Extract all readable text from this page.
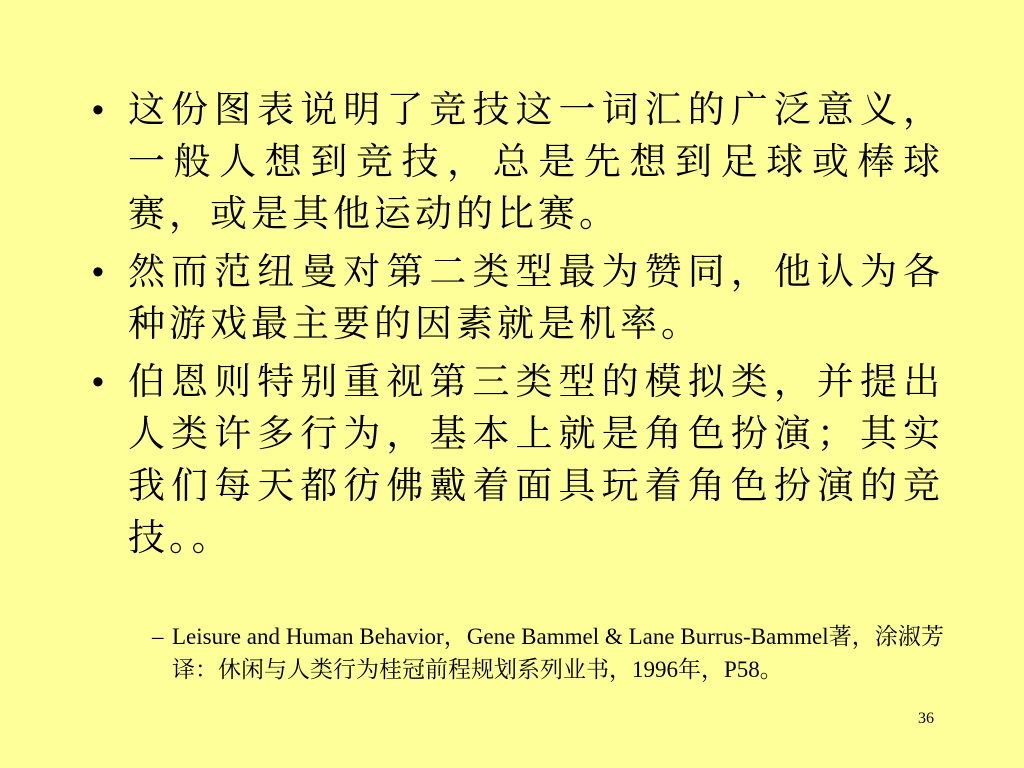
• 这份图表说明了竞技这一词汇的广泛意义，一般人想到竞技，总是先想到足球或棒球赛，或是其他运动的比赛。
• 然而范纽曼对第二类型最为赞同，他认为各种游戏最主要的因素就是机率。
• 伯恩则特别重视第三类型的模拟类，并提出人类许多行为，基本上就是角色扮演；其实我们每天都彷佛戴着面具玩着角色扮演的竞技。。
– Leisure and Human Behavior，Gene Bammel & Lane Burrus-Bammel著，涂淑芳译：休闲与人类行为桂冠前程规划系列业书，1996年，P58。
36
